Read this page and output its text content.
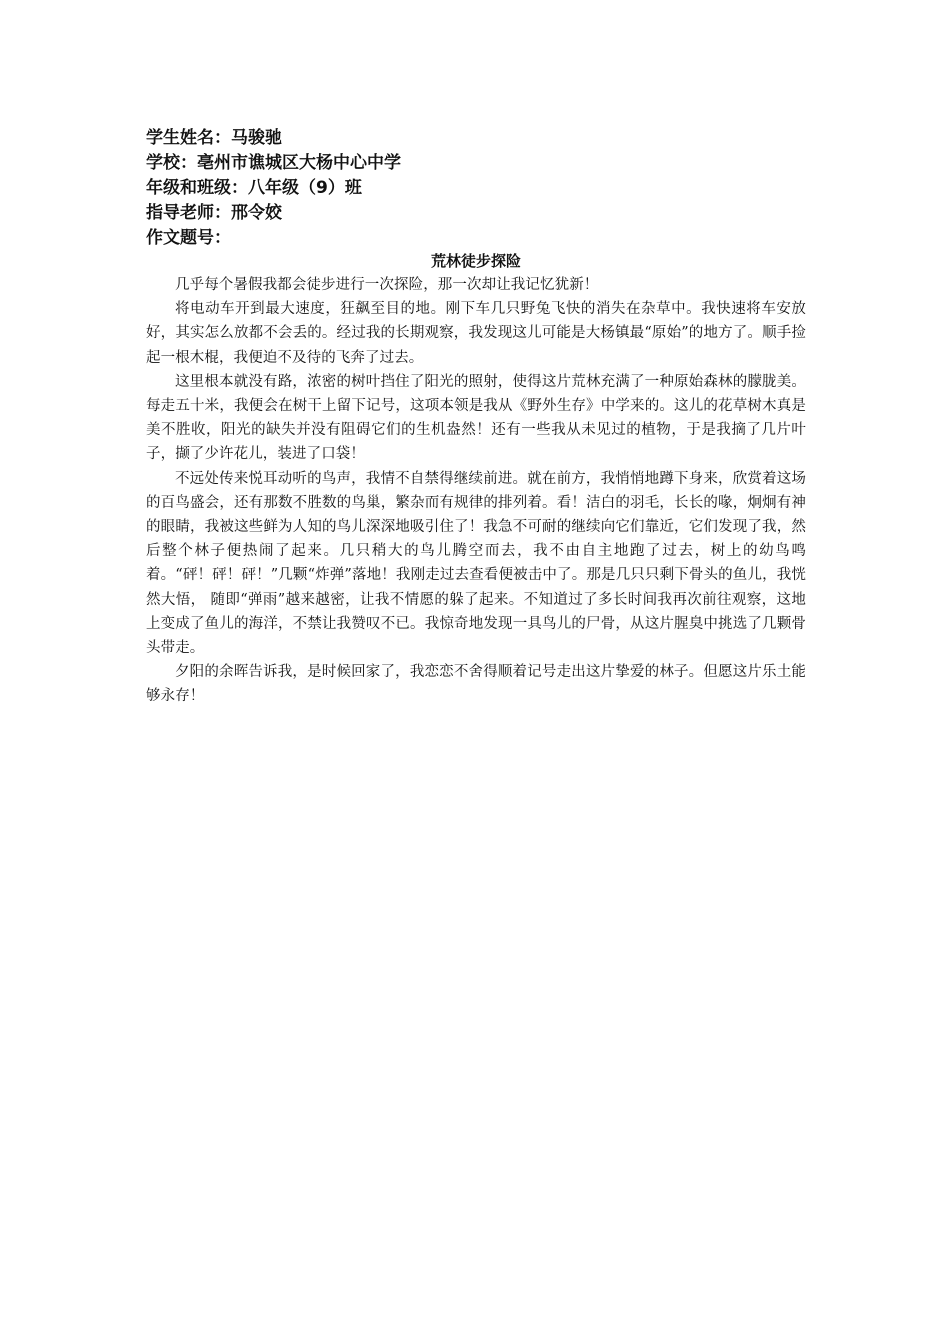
学生姓名：马骏驰

学校：亳州市谯城区大杨中心中学

年级和班级：八年级（9）班

指导老师：邢令姣

作文题号：

荒林徒步探险

几乎每个暑假我都会徒步进行一次探险，那一次却让我记忆犹新！

将电动车开到最大速度，狂飙至目的地。刚下车几只野兔飞快的消失在杂草中。我快速将车安放好，其实怎么放都不会丢的。经过我的长期观察，我发现这儿可能是大杨镇最“原始”的地方了。顺手捡起一根木棍，我便迫不及待的飞奔了过去。

这里根本就没有路，浓密的树叶挡住了阳光的照射，使得这片荒林充满了一种原始森林的朦胧美。每走五十米，我便会在树干上留下记号，这项本领是我从《野外生存》中学来的。这儿的花草树木真是美不胜收，阳光的缺失并没有阻碍它们的生机盎然！还有一些我从未见过的植物，于是我摘了几片叶子，撷了少许花儿，装进了口袋！

不远处传来悦耳动听的鸟声，我情不自禁得继续前进。就在前方，我悄悄地蹲下身来，欣赏着这场的百鸟盛会，还有那数不胜数的鸟巢，繁杂而有规律的排列着。看！洁白的羽毛，长长的喙，炯炯有神的眼睛，我被这些鲜为人知的鸟儿深深地吸引住了！我急不可耐的继续向它们靠近，它们发现了我，然后整个林子便热闹了起来。几只稍大的鸟儿腾空而去，我不由自主地跑了过去，树上的幼鸟鸣着。“砰！砰！砰！”几颗“炸弹”落地！我刚走过去查看便被击中了。那是几只只剩下骨头的鱼儿，我恍然大悟， 随即“弹雨”越来越密，让我不情愿的躲了起来。不知道过了多长时间我再次前往观察，这地上变成了鱼儿的海洋，不禁让我赞叹不已。我惊奇地发现一具鸟儿的尸骨，从这片腥臭中挑选了几颗骨头带走。

夕阳的余晖告诉我，是时候回家了，我恋恋不舍得顺着记号走出这片挚爱的林子。但愿这片乐土能够永存！
